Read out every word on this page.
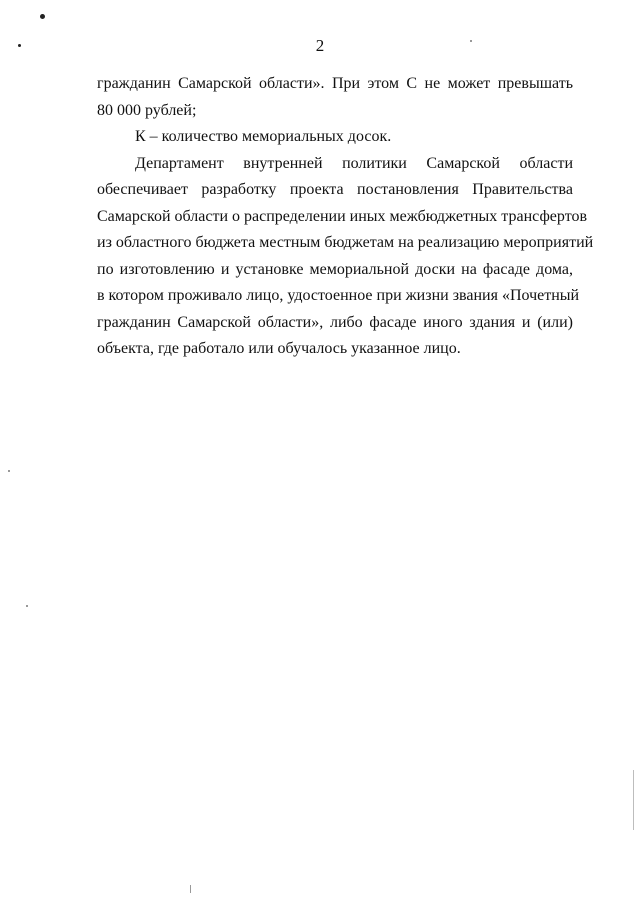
2
гражданин Самарской области». При этом С не может превышать
80 000 рублей;
К – количество мемориальных досок.
Департамент внутренней политики Самарской области
обеспечивает разработку проекта постановления Правительства
Самарской области о распределении иных межбюджетных трансфертов
из областного бюджета местным бюджетам на реализацию мероприятий
по изготовлению и установке мемориальной доски на фасаде дома,
в котором проживало лицо, удостоенное при жизни звания «Почетный
гражданин Самарской области», либо фасаде иного здания и (или)
объекта, где работало или обучалось указанное лицо.
